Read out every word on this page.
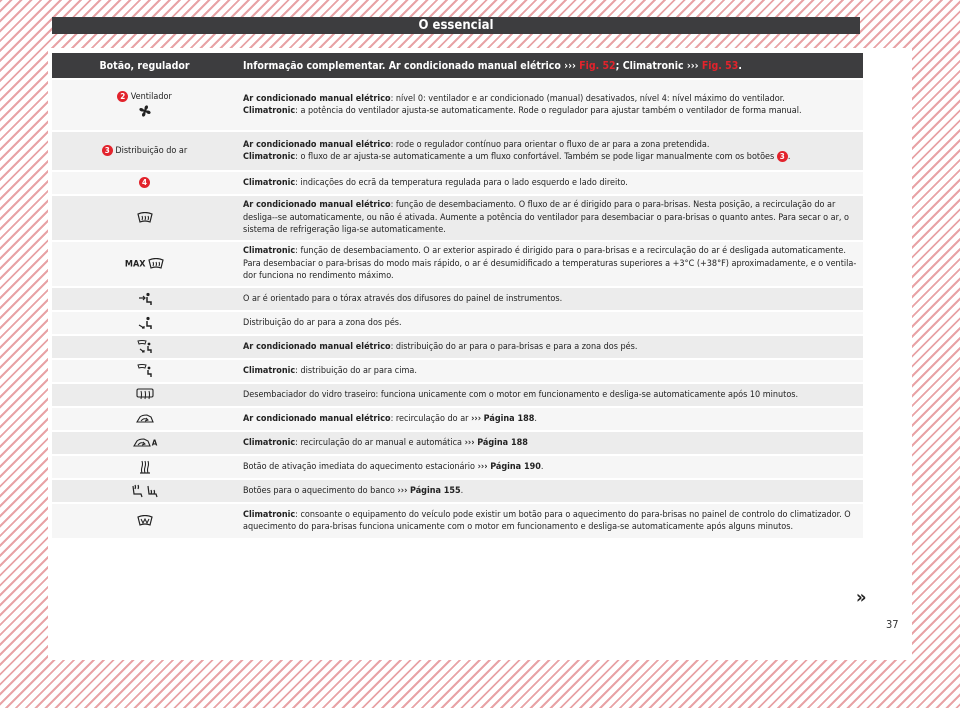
O essencial
Botão, regulador	Informação complementar. Ar condicionado manual elétrico ››› Fig. 52; Climatronic ››› Fig. 53.
2 Ventilador	Ar condicionado manual elétrico: nível 0: ventilador e ar condicionado (manual) desativados, nível 4: nível máximo do ventilador.
Climatronic: a potência do ventilador ajusta-se automaticamente. Rode o regulador para ajustar também o ventilador de forma manual.
3 Distribuição do ar	Ar condicionado manual elétrico: rode o regulador contínuo para orientar o fluxo de ar para a zona pretendida.
Climatronic: o fluxo de ar ajusta-se automaticamente a um fluxo confortável. Também se pode ligar manualmente com os botões 3 .
4	Climatronic: indicações do ecrã da temperatura regulada para o lado esquerdo e lado direito.
	Ar condicionado manual elétrico: função de desembaciamento. O fluxo de ar é dirigido para o para-brisas. Nesta posição, a recirculação do ar desliga--se automaticamente, ou não é ativada. Aumente a potência do ventilador para desembaciar o para-brisas o quanto antes. Para secar o ar, o sistema de refrigeração liga-se automaticamente.
MAX	Climatronic: função de desembaciamento. O ar exterior aspirado é dirigido para o para-brisas e a recirculação do ar é desligada automaticamente. Para desembaciar o para-brisas do modo mais rápido, o ar é desumidificado a temperaturas superiores a +3°C (+38°F) aproximadamente, e o ventila-dor funciona no rendimento máximo.
	O ar é orientado para o tórax através dos difusores do painel de instrumentos.
	Distribuição do ar para a zona dos pés.
	Ar condicionado manual elétrico: distribuição do ar para o para-brisas e para a zona dos pés.
	Climatronic: distribuição do ar para cima.
	Desembaciador do vidro traseiro: funciona unicamente com o motor em funcionamento e desliga-se automaticamente após 10 minutos.
	Ar condicionado manual elétrico: recirculação do ar ››› Página 188.
A	Climatronic: recirculação do ar manual e automática ››› Página 188
	Botão de ativação imediata do aquecimento estacionário ››› Página 190.
	Botões para o aquecimento do banco ››› Página 155.
	Climatronic: consoante o equipamento do veículo pode existir um botão para o aquecimento do para-brisas no painel de controlo do climatizador. O aquecimento do para-brisas funciona unicamente com o motor em funcionamento e desliga-se automaticamente após alguns minutos.
»
37
